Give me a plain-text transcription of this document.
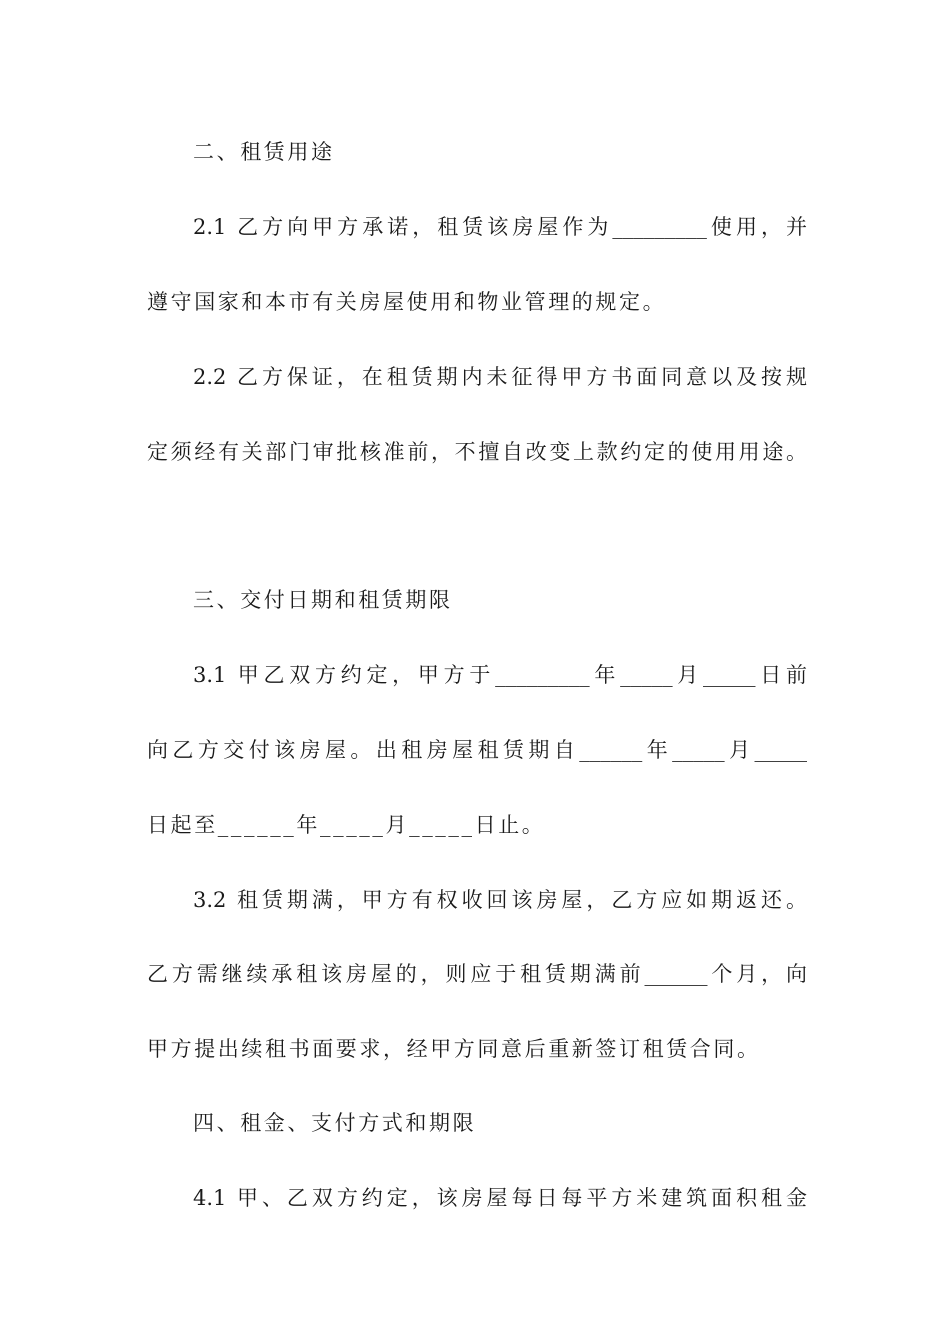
二、租赁用途
2.1 乙方向甲方承诺，租赁该房屋作为_________使用，并
遵守国家和本市有关房屋使用和物业管理的规定。
2.2 乙方保证，在租赁期内未征得甲方书面同意以及按规
定须经有关部门审批核准前，不擅自改变上款约定的使用用途。
三、交付日期和租赁期限
3.1 甲乙双方约定，甲方于_________年_____月_____日前
向乙方交付该房屋。出租房屋租赁期自______年_____月_____
日起至______年_____月_____日止。
3.2 租赁期满，甲方有权收回该房屋，乙方应如期返还。
乙方需继续承租该房屋的，则应于租赁期满前______个月，向
甲方提出续租书面要求，经甲方同意后重新签订租赁合同。
四、租金、支付方式和期限
4.1 甲、乙双方约定，该房屋每日每平方米建筑面积租金
